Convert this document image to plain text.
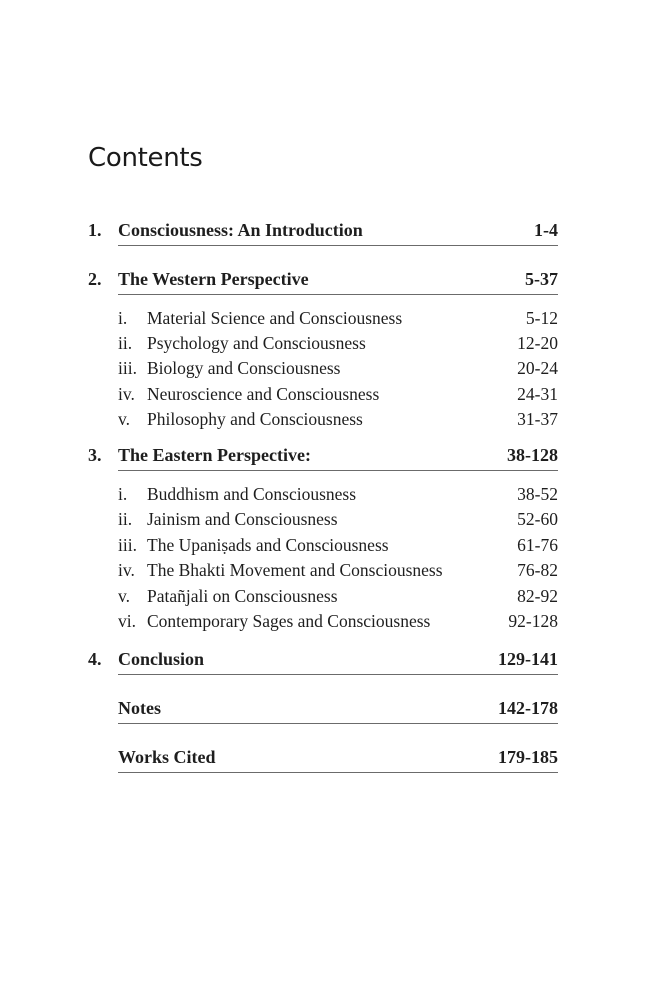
Contents
1. Consciousness: An Introduction	1-4
2. The Western Perspective	5-37
i. Material Science and Consciousness	5-12
ii. Psychology and Consciousness	12-20
iii. Biology and Consciousness	20-24
iv. Neuroscience and Consciousness	24-31
v. Philosophy and Consciousness	31-37
3. The Eastern Perspective:	38-128
i. Buddhism and Consciousness	38-52
ii. Jainism and Consciousness	52-60
iii. The Upaniṣads and Consciousness	61-76
iv. The Bhakti Movement and Consciousness	76-82
v. Patañjali on Consciousness	82-92
vi. Contemporary Sages and Consciousness	92-128
4. Conclusion	129-141
Notes	142-178
Works Cited	179-185
